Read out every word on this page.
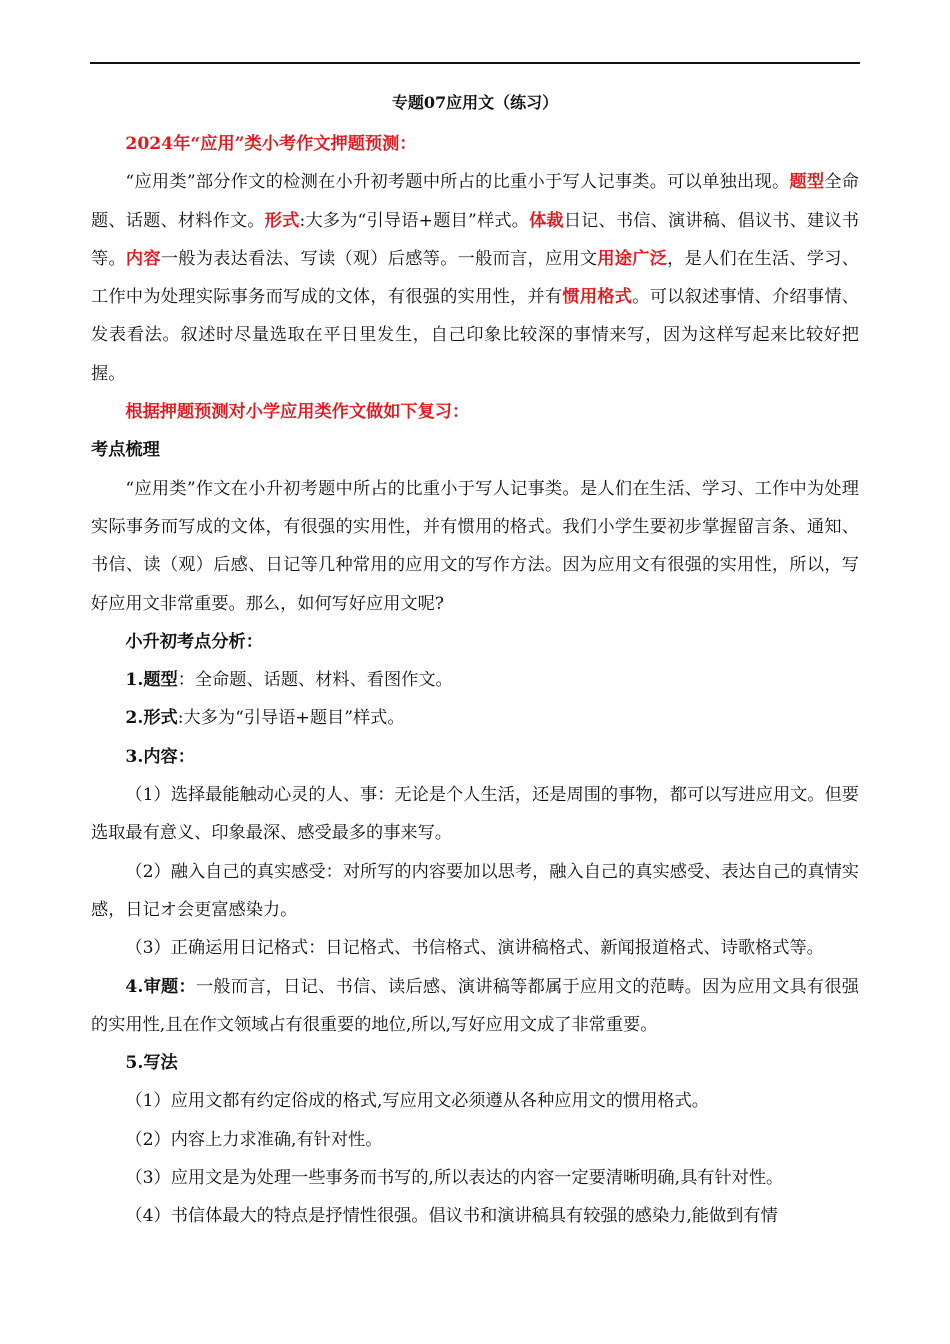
专题07应用文（练习）

2024年“应用”类小考作文押题预测：

“应用类”部分作文的检测在小升初考题中所占的比重小于写人记事类。可以单独出现。题型全命题、话题、材料作文。形式:大多为“引导语+题目”样式。体裁日记、书信、演讲稿、倡议书、建议书等。内容一般为表达看法、写读（观）后感等。一般而言，应用文用途广泛，是人们在生活、学习、工作中为处理实际事务而写成的文体，有很强的实用性，并有惯用格式。可以叙述事情、介绍事情、发表看法。叙述时尽量选取在平日里发生，自己印象比较深的事情来写，因为这样写起来比较好把握。

根据押题预测对小学应用类作文做如下复习：

考点梳理

“应用类”作文在小升初考题中所占的比重小于写人记事类。是人们在生活、学习、工作中为处理实际事务而写成的文体，有很强的实用性，并有惯用的格式。我们小学生要初步掌握留言条、通知、书信、读（观）后感、日记等几种常用的应用文的写作方法。因为应用文有很强的实用性，所以，写好应用文非常重要。那么，如何写好应用文呢?

小升初考点分析：

1.题型：全命题、话题、材料、看图作文。

2.形式:大多为“引导语+题目”样式。

3.内容：

（1）选择最能触动心灵的人、事：无论是个人生活，还是周围的事物，都可以写进应用文。但要选取最有意义、印象最深、感受最多的事来写。

（2）融入自己的真实感受：对所写的内容要加以思考，融入自己的真实感受、表达自己的真情实感，日记オ会更富感染力。

（3）正确运用日记格式：日记格式、书信格式、演讲稿格式、新闻报道格式、诗歌格式等。

4.审题：一般而言，日记、书信、读后感、演讲稿等都属于应用文的范畴。因为应用文具有很强的实用性,且在作文领域占有很重要的地位,所以,写好应用文成了非常重要。

5.写法

（1）应用文都有约定俗成的格式,写应用文必须遵从各种应用文的惯用格式。

（2）内容上力求准确,有针对性。

（3）应用文是为处理一些事务而书写的,所以表达的内容一定要清晰明确,具有针对性。

（4）书信体最大的特点是抒情性很强。倡议书和演讲稿具有较强的感染力,能做到有情
